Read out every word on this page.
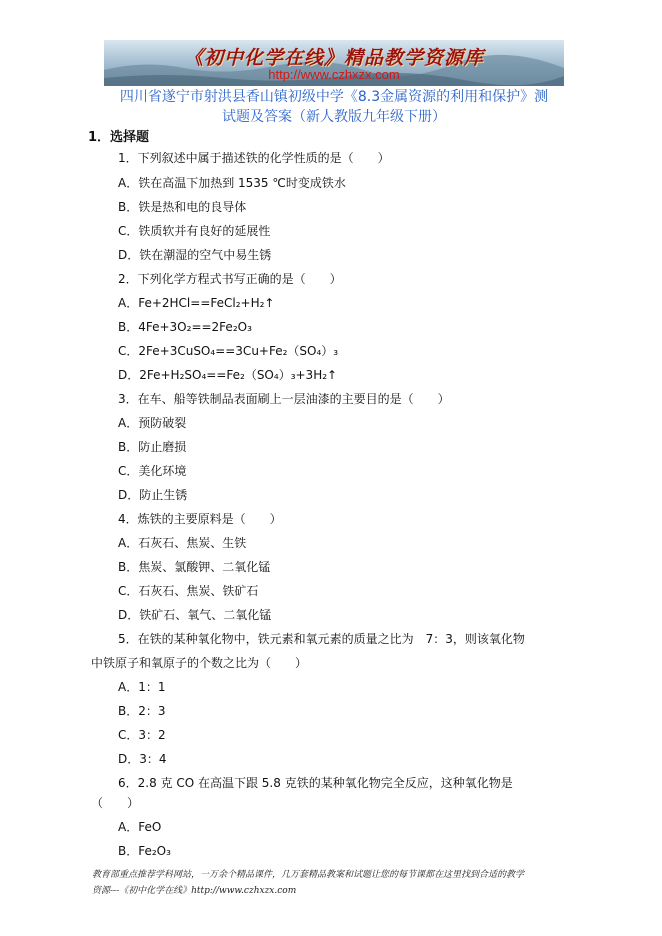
《初中化学在线》精品教学资源库
http://www.czhxzx.com
四川省遂宁市射洪县香山镇初级中学《8.3金属资源的利用和保护》测
试题及答案（新人教版九年级下册）
1．选择题
1．下列叙述中属于描述铁的化学性质的是（　　）
A．铁在高温下加热到 1535 ℃时变成铁水
B．铁是热和电的良导体
C．铁质软并有良好的延展性
D．铁在潮湿的空气中易生锈
2．下列化学方程式书写正确的是（　　）
A．Fe+2HCl==FeCl₂+H₂↑
B．4Fe+3O₂==2Fe₂O₃
C．2Fe+3CuSO₄==3Cu+Fe₂（SO₄）₃
D．2Fe+H₂SO₄==Fe₂（SO₄）₃+3H₂↑
3．在车、船等铁制品表面刷上一层油漆的主要目的是（　　）
A．预防破裂
B．防止磨损
C．美化环境
D．防止生锈
4．炼铁的主要原料是（　　）
A．石灰石、焦炭、生铁
B．焦炭、氯酸钾、二氧化锰
C．石灰石、焦炭、铁矿石
D．铁矿石、氧气、二氧化锰
5．在铁的某种氧化物中，铁元素和氧元素的质量之比为　7：3，则该氧化物
中铁原子和氧原子的个数之比为（　　）
A．1：1
B．2：3
C．3：2
D．3：4
6．2.8 克 CO 在高温下跟 5.8 克铁的某种氧化物完全反应，这种氧化物是
（　　）
A．FeO
B．Fe₂O₃
教育部重点推荐学科网站，一万余个精品课件，几万套精品教案和试题让您的每节课都在这里找到合适的教学
资源---《初中化学在线》http://www.czhxzx.com
